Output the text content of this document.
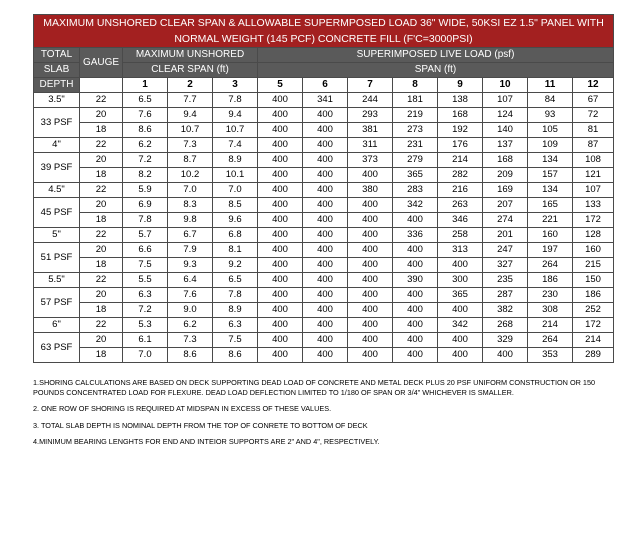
MAXIMUM UNSHORED CLEAR SPAN & ALLOWABLE SUPERMPOSED LOAD 36" WIDE, 50KSI EZ 1.5" PANEL WITH NORMAL WEIGHT (145 PCF) CONCRETE FILL (F'C=3000PSI)												
TOTAL	GAUGE	MAXIMUM UNSHORED			SUPERIMPOSED LIVE LOAD (psf)							
SLAB		CLEAR SPAN (ft)			SPAN (ft)							
DEPTH		1	2	3	5	6	7	8	9	10	11	12
3.5"	22	6.5	7.7	7.8	400	341	244	181	138	107	84	67
33 PSF	20	7.6	9.4	9.4	400	400	293	219	168	124	93	72
	18	8.6	10.7	10.7	400	400	381	273	192	140	105	81
4"	22	6.2	7.3	7.4	400	400	311	231	176	137	109	87
39 PSF	20	7.2	8.7	8.9	400	400	373	279	214	168	134	108
	18	8.2	10.2	10.1	400	400	400	365	282	209	157	121
4.5"	22	5.9	7.0	7.0	400	400	380	283	216	169	134	107
45 PSF	20	6.9	8.3	8.5	400	400	400	342	263	207	165	133
	18	7.8	9.8	9.6	400	400	400	400	346	274	221	172
5"	22	5.7	6.7	6.8	400	400	400	336	258	201	160	128
51 PSF	20	6.6	7.9	8.1	400	400	400	400	313	247	197	160
	18	7.5	9.3	9.2	400	400	400	400	400	327	264	215
5.5"	22	5.5	6.4	6.5	400	400	400	390	300	235	186	150
57 PSF	20	6.3	7.6	7.8	400	400	400	400	365	287	230	186
	18	7.2	9.0	8.9	400	400	400	400	400	382	308	252
6"	22	5.3	6.2	6.3	400	400	400	400	342	268	214	172
63 PSF	20	6.1	7.3	7.5	400	400	400	400	400	329	264	214
	18	7.0	8.6	8.6	400	400	400	400	400	400	353	289

1.SHORING CALCULATIONS ARE BASED ON DECK SUPPORTING DEAD LOAD OF CONCRETE AND METAL DECK PLUS 20 PSF UNIFORM CONSTRUCTION OR 150 POUNDS CONCENTRATED LOAD FOR FLEXURE. DEAD LOAD DEFLECTION LIMITED TO 1/180 OF SPAN OR 3/4" WHICHEVER IS SMALLER.

2. ONE ROW OF SHORING IS REQUIRED AT MIDSPAN IN EXCESS OF THESE VALUES.

3. TOTAL SLAB DEPTH IS NOMINAL DEPTH FROM THE TOP OF CONRETE TO BOTTOM OF DECK

4.MINIMUM BEARING LENGHTS FOR END AND INTEIOR SUPPORTS ARE 2" AND 4", RESPECTIVELY.
